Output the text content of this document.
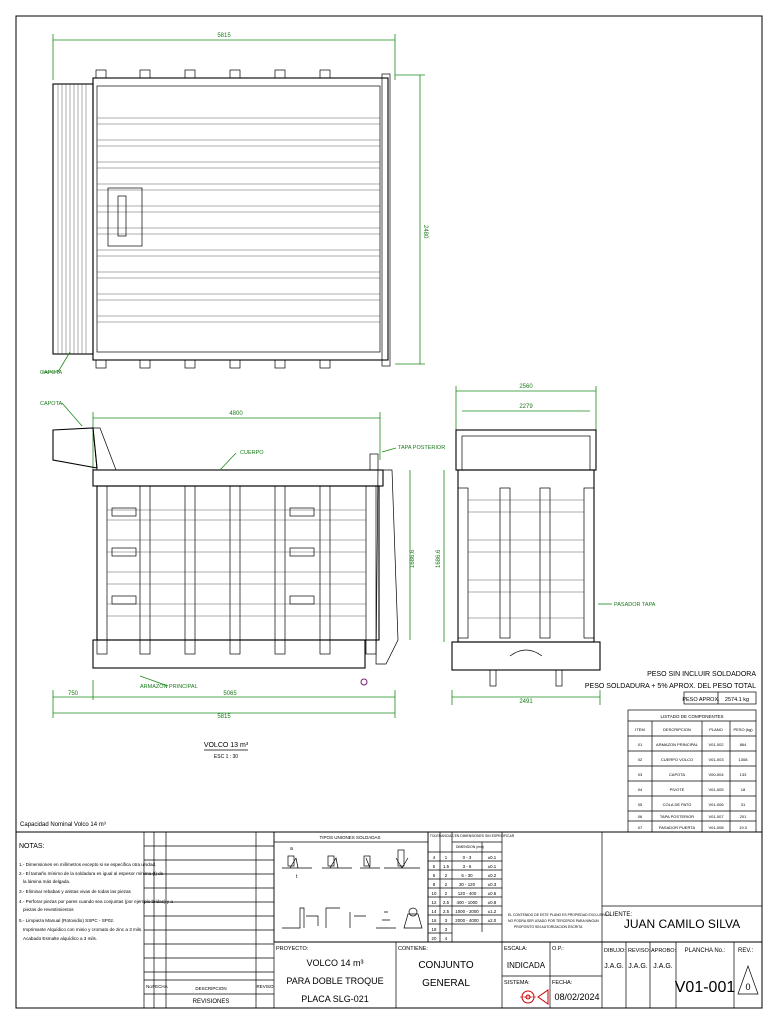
5815
2480
CAPOTA
CAPOTA
4800
CUERPO
TAPA POSTERIOR
ARMAZON PRINCIPAL
1686.6
750	5065
5815
VOLCO 13 m³
ESC 1 : 30
2560
2279
1686.6
PASADOR TAPA
2491
PESO SIN INCLUIR SOLDADORA
PESO SOLDADURA + 5% APROX. DEL PESO TOTAL
PESO APROX. 2574.1 kg
LISTADO DE COMPONENTES
ITEM	DESCRIPCION	PLANO	PESO (kg)
01	ARMAZON PRINCIPAL	V01-002	864
02	CUERPO VOLCO	V01-003	1308
03	CAPOTA	V00-004	133
04	PIVOTE	V01-005	18
05	COLA DE PATO	V01-006	31
06	TAPA POSTERIOR	V01-007	201
07	PASADOR PUERTA	V01-008	19.3
Capacidad Nominal Volco 14 m³
NOTAS:
1.- Dimensiones en milímetros excepto si se especifica otra unidad.
2.- El tamaño mínimo de la soldadura es igual al espesor mínimo (t) de
la lámina más delgada.
3.- Eliminar rebabas y aristas vivas de todas las piezas
4.- Perforar piezas por pares cuando sea conjuntas (por ejemplo bridas) y a
piezas de revestimientos
5.- Limpieza Manual (Rotovidio) SSPC - SP02.
Imprimante Alquídico con minio y cromato de zinc a 3 mils.
Acabado Esmalte alquídico a 3 mils.
No FECHA	DESCRIPCION	REVISO
REVISIONES
TIPOS UNIONES SOLDADAS
a
t
TOLERANCIAS EN DIMENSIONES SIN ESPECIFICAR
DIMENSION (mm)
4 1	0 - 3	±0.1
5 1.5	3 - 6	±0.1
6 2	6 - 30	±0.2
8 2	30 - 120	±0.3
10 2 120 - 400	±0.5
12 2.5 400 - 1000 ±0.8
14 2.5 1000 - 2000 ±1.2
16 3 2000 - 4000 ±2.0
18 3
20 4
EL CONTENIDO DE ESTE PLANO ES PROPIEDAD EXCLUSIVA Y
NO PODRA SER USADO POR TERCEROS PARA NINGUN
PROPOSITO SIN AUTORIZACION ESCRITA
PROYECTO:
VOLCO 14 m³
PARA DOBLE TROQUE
PLACA SLG-021
CONTIENE:
CONJUNTO
GENERAL
ESCALA:
INDICADA
O.P.:
SISTEMA:	FECHA:
08/02/2024
CLIENTE:
JUAN CAMILO SILVA
DIBUJO:
J.A.G.
REVISO:
J.A.G.
APROBO:
J.A.G.
PLANCHA No.:
V01-001
REV.:
0
